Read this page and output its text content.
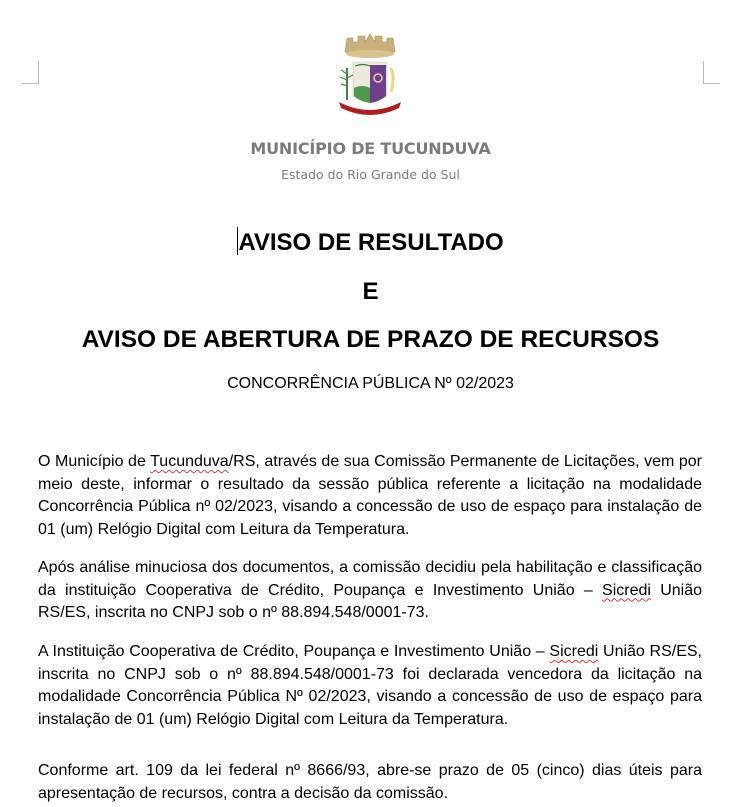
MUNICÍPIO DE TUCUNDUVA
Estado do Rio Grande do Sul
AVISO DE RESULTADO
E
AVISO DE ABERTURA DE PRAZO DE RECURSOS
CONCORRÊNCIA PÚBLICA Nº 02/2023
O Município de Tucunduva/RS, através de sua Comissão Permanente de Licitações, vem por meio deste, informar o resultado da sessão pública referente a licitação na modalidade Concorrência Pública nº 02/2023, visando a concessão de uso de espaço para instalação de 01 (um) Relógio Digital com Leitura da Temperatura.
Após análise minuciosa dos documentos, a comissão decidiu pela habilitação e classificação da instituição Cooperativa de Crédito, Poupança e Investimento União – Sicredi União RS/ES, inscrita no CNPJ sob o nº 88.894.548/0001-73.
A Instituição Cooperativa de Crédito, Poupança e Investimento União – Sicredi União RS/ES, inscrita no CNPJ sob o nº 88.894.548/0001-73 foi declarada vencedora da licitação na modalidade Concorrência Pública Nº 02/2023, visando a concessão de uso de espaço para instalação de 01 (um) Relógio Digital com Leitura da Temperatura.
Conforme art. 109 da lei federal nº 8666/93, abre-se prazo de 05 (cinco) dias úteis para apresentação de recursos, contra a decisão da comissão.
